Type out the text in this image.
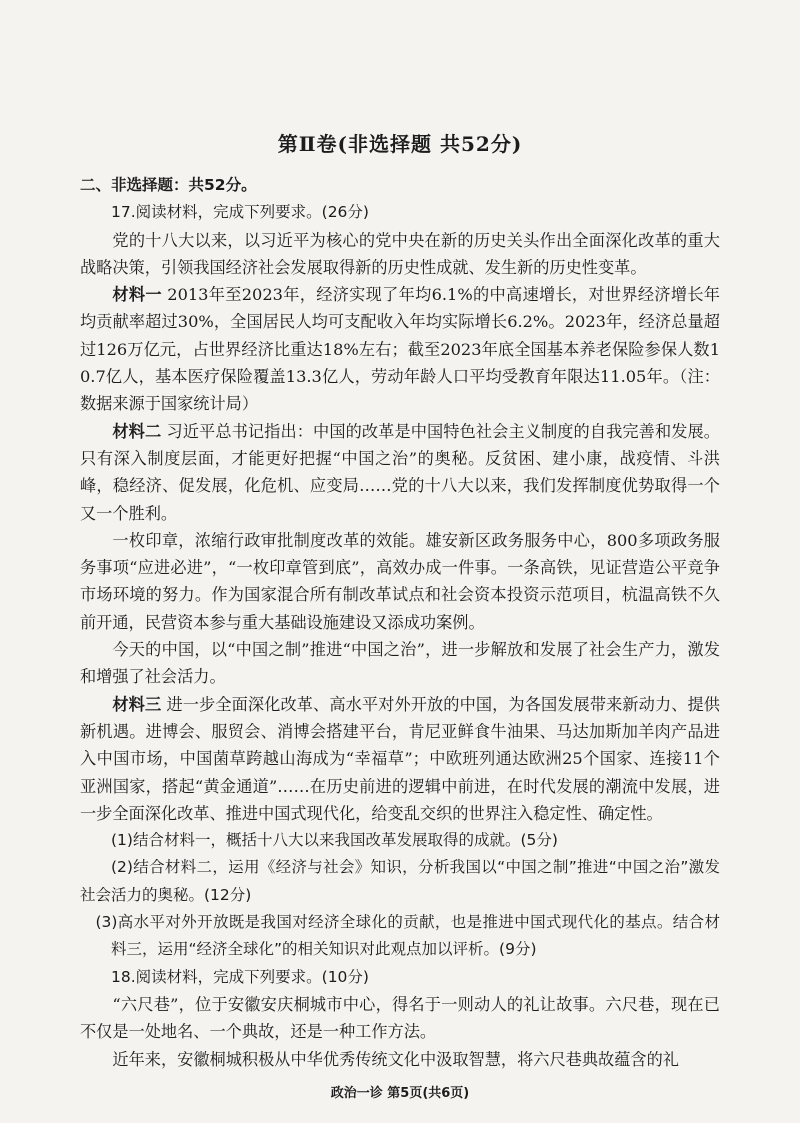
第Ⅱ卷(非选择题 共52分)

二、非选择题：共52分。

17.阅读材料，完成下列要求。(26分)

党的十八大以来，以习近平为核心的党中央在新的历史关头作出全面深化改革的重大战略决策，引领我国经济社会发展取得新的历史性成就、发生新的历史性变革。

材料一 2013年至2023年，经济实现了年均6.1%的中高速增长，对世界经济增长年均贡献率超过30%，全国居民人均可支配收入年均实际增长6.2%。2023年，经济总量超过126万亿元，占世界经济比重达18%左右；截至2023年底全国基本养老保险参保人数10.7亿人，基本医疗保险覆盖13.3亿人，劳动年龄人口平均受教育年限达11.05年。（注：数据来源于国家统计局）

材料二 习近平总书记指出：中国的改革是中国特色社会主义制度的自我完善和发展。只有深入制度层面，才能更好把握“中国之治”的奥秘。反贫困、建小康，战疫情、斗洪峰，稳经济、促发展，化危机、应变局……党的十八大以来，我们发挥制度优势取得一个又一个胜利。

一枚印章，浓缩行政审批制度改革的效能。雄安新区政务服务中心，800多项政务服务事项“应进必进”，“一枚印章管到底”，高效办成一件事。一条高铁，见证营造公平竞争市场环境的努力。作为国家混合所有制改革试点和社会资本投资示范项目，杭温高铁不久前开通，民营资本参与重大基础设施建设又添成功案例。

今天的中国，以“中国之制”推进“中国之治”，进一步解放和发展了社会生产力，激发和增强了社会活力。

材料三 进一步全面深化改革、高水平对外开放的中国，为各国发展带来新动力、提供新机遇。进博会、服贸会、消博会搭建平台，肯尼亚鲜食牛油果、马达加斯加羊肉产品进入中国市场，中国菌草跨越山海成为“幸福草”；中欧班列通达欧洲25个国家、连接11个亚洲国家，搭起“黄金通道”……在历史前进的逻辑中前进，在时代发展的潮流中发展，进一步全面深化改革、推进中国式现代化，给变乱交织的世界注入稳定性、确定性。

(1)结合材料一，概括十八大以来我国改革发展取得的成就。(5分)

(2)结合材料二，运用《经济与社会》知识，分析我国以“中国之制”推进“中国之治”激发社会活力的奥秘。(12分)

(3)高水平对外开放既是我国对经济全球化的贡献，也是推进中国式现代化的基点。结合材料三，运用“经济全球化”的相关知识对此观点加以评析。(9分)

18.阅读材料，完成下列要求。(10分)

“六尺巷”，位于安徽安庆桐城市中心，得名于一则动人的礼让故事。六尺巷，现在已不仅是一处地名、一个典故，还是一种工作方法。

近年来，安徽桐城积极从中华优秀传统文化中汲取智慧，将六尺巷典故蕴含的礼

政治一诊 第5页(共6页)
